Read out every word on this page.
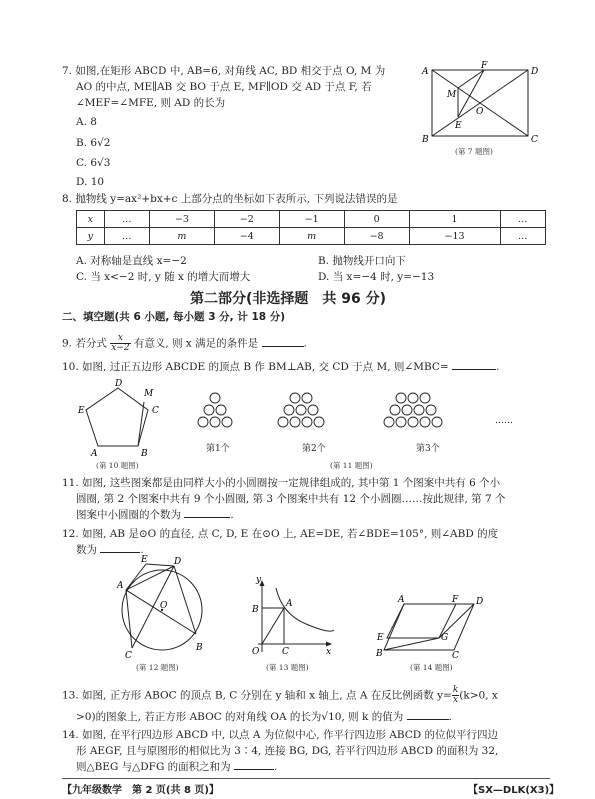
7. 如图,在矩形 ABCD 中, AB=6, 对角线 AC, BD 相交于点 O, M 为
AO 的中点, ME∥AB 交 BO 于点 E, MF∥OD 交 AD 于点 F, 若
∠MEF=∠MFE, 则 AD 的长为
A. 8
B. 6√2
C. 6√3
D. 10
A
B	C
D
F
M
O
E
(第 7 题图)
8. 抛物线 y=ax²+bx+c 上部分点的坐标如下表所示, 下列说法错误的是
x	…	−3	−2	−1	0	1	…
y	…	m	−4	m	−8	−13	…
A. 对称轴是直线 x=−2	B. 抛物线开口向下
C. 当 x<−2 时, y 随 x 的增大而增大	D. 当 x=−4 时, y=−13
第二部分(非选择题　共 96 分)
二、填空题(共 6 小题, 每小题 3 分, 计 18 分)
9. 若分式 $\frac{x}{x-2}$ 有意义, 则 x 满足的条件是	.
10. 如图, 过正五边形 ABCDE 的顶点 B 作 BM⊥AB, 交 CD 于点 M, 则∠MBC=	.
D
M
C
E
A	B
(第 10 题图)
……
第1个	第2个	第3个
(第 11 题图)
11. 如图, 这些图案都是由同样大小的小圆圈按一定规律组成的, 其中第 1 个图案中共有 6 个小
圆圈, 第 2 个图案中共有 9 个小圆圈, 第 3 个图案中共有 12 个小圆圈……按此规律, 第 7 个
图案中小圆圈的个数为	.
12. 如图, AB 是⊙O 的直径, 点 C, D, E 在⊙O 上, AE=DE, 若∠BDE=105°, 则∠ABD 的度
数为	.
E	D
A
O
C
B
(第 12 题图)
y
x
O
A
B
C
(第 13 题图)
A	F D
E	G
B	C
(第 14 题图)
13. 如图, 正方形 ABOC 的顶点 B, C 分别在 y 轴和 x 轴上, 点 A 在反比例函数 $y= \frac{k}{x} (k>0$, x
>0)的图象上, 若正方形 ABOC 的对角线 OA 的长为√10, 则 k 的值为	.
14. 如图, 在平行四边形 ABCD 中, 以点 A 为位似中心, 作平行四边形 ABCD 的位似平行四边
形 AEGF, 且与原图形的相似比为 3∶4, 连接 BG, DG, 若平行四边形 ABCD 的面积为 32,
则△BEG 与△DFG 的面积之和为	.
【九年级数学　第 2 页(共 8 页)】	【SX—DLK(X3)】
